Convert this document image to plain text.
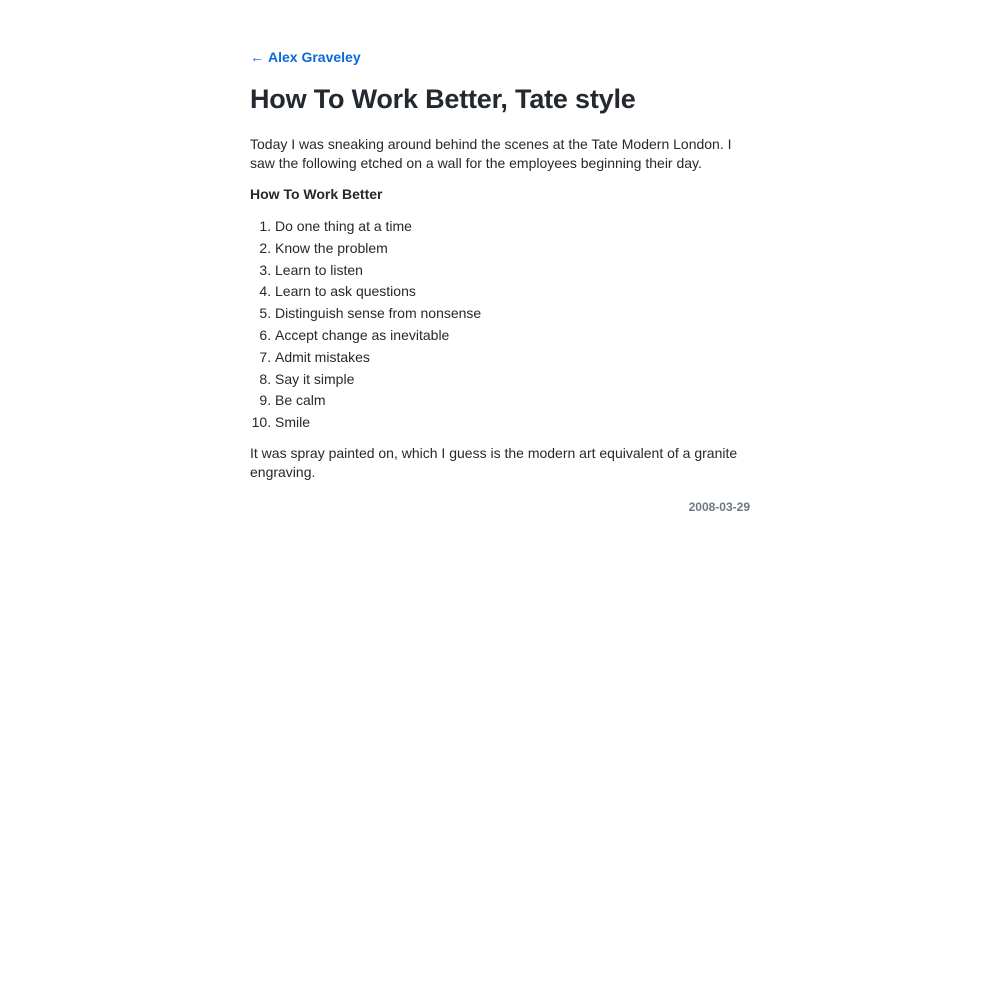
← Alex Graveley
How To Work Better, Tate style

Today I was sneaking around behind the scenes at the Tate Modern London. I saw the following etched on a wall for the employees beginning their day.

How To Work Better

1. Do one thing at a time
2. Know the problem
3. Learn to listen
4. Learn to ask questions
5. Distinguish sense from nonsense
6. Accept change as inevitable
7. Admit mistakes
8. Say it simple
9. Be calm
10. Smile

It was spray painted on, which I guess is the modern art equivalent of a granite engraving.

2008-03-29
